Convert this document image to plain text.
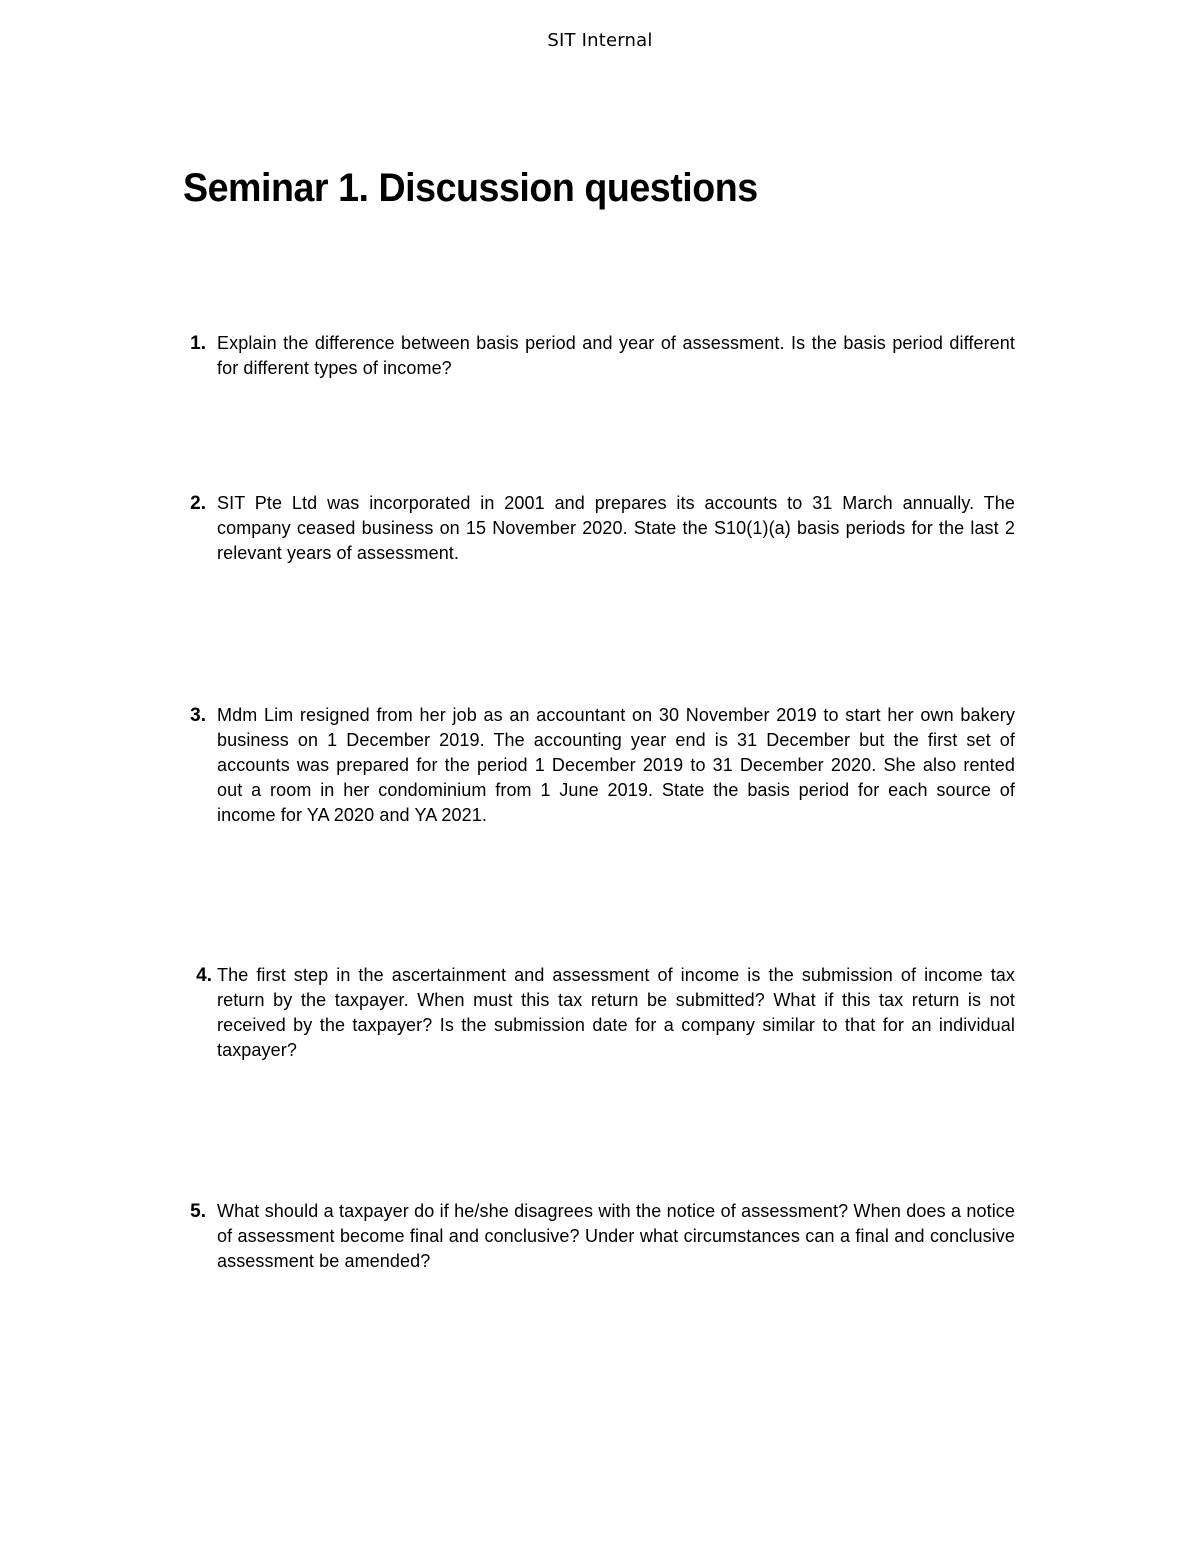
SIT Internal
Seminar 1. Discussion questions
1. Explain the difference between basis period and year of assessment. Is the basis period different for different types of income?
2. SIT Pte Ltd was incorporated in 2001 and prepares its accounts to 31 March annually. The company ceased business on 15 November 2020. State the S10(1)(a) basis periods for the last 2 relevant years of assessment.
3. Mdm Lim resigned from her job as an accountant on 30 November 2019 to start her own bakery business on 1 December 2019. The accounting year end is 31 December but the first set of accounts was prepared for the period 1 December 2019 to 31 December 2020. She also rented out a room in her condominium from 1 June 2019. State the basis period for each source of income for YA 2020 and YA 2021.
4. The first step in the ascertainment and assessment of income is the submission of income tax return by the taxpayer. When must this tax return be submitted? What if this tax return is not received by the taxpayer? Is the submission date for a company similar to that for an individual taxpayer?
5. What should a taxpayer do if he/she disagrees with the notice of assessment? When does a notice of assessment become final and conclusive? Under what circumstances can a final and conclusive assessment be amended?
